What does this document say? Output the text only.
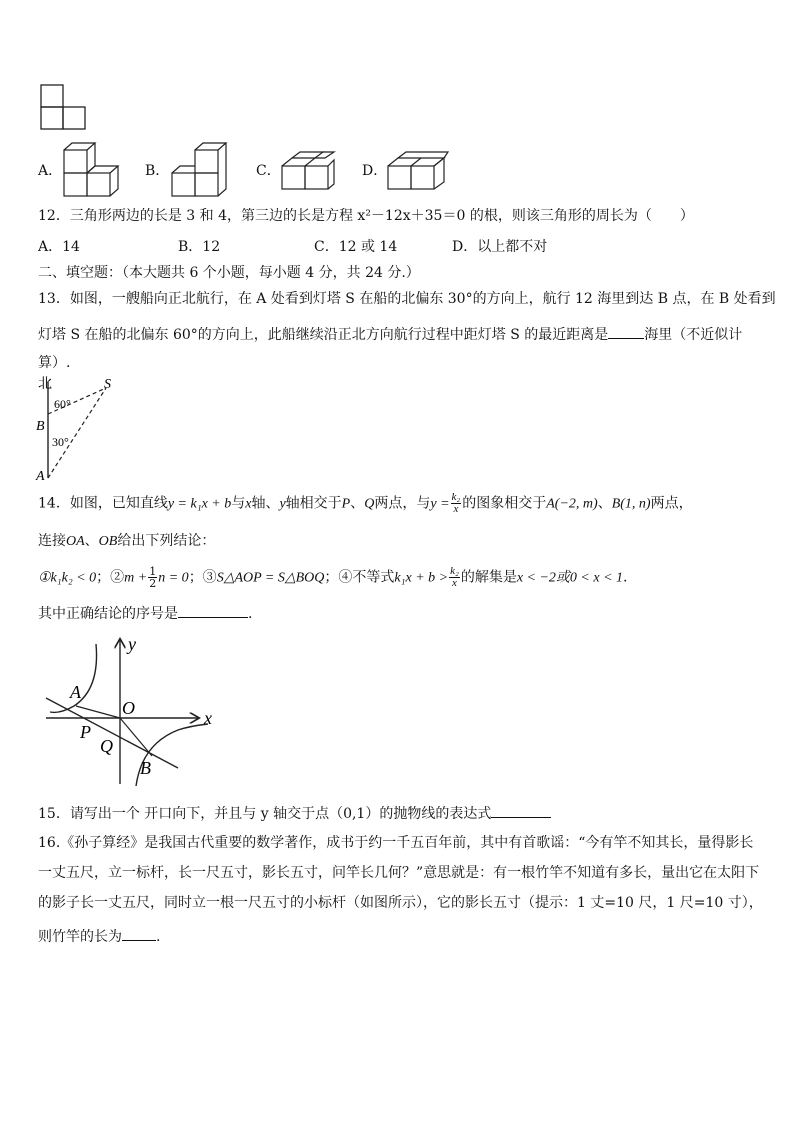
A．	B．	C．	D．
12．三角形两边的长是 3 和 4，第三边的长是方程 x²－12x＋35＝0 的根，则该三角形的周长为（　　）
A．14	B．12	C．12 或 14	D．以上都不对
二、填空题：（本大题共 6 个小题，每小题 4 分，共 24 分.）
13．如图，一艘船向正北航行，在 A 处看到灯塔 S 在船的北偏东 30°的方向上，航行 12 海里到达 B 点，在 B 处看到
灯塔 S 在船的北偏东 60°的方向上，此船继续沿正北方向航行过程中距灯塔 S 的最近距离是	海里（不近似计
算）.
北	S
60°
B
30°
A
14．如图，已知直线y = k₁x + b与x轴、y轴相交于P、Q两点，与$y = \frac{\text{k₂}}{x}$ 的图象相交于A(−2, m)、B(1, n)两点，
连接OA、OB给出下列结论：
①k₁k₂ < 0；②m + $\frac{1}{2}$ n = 0；③S△AOP = S△BOQ；④不等式$k_1x + b > \frac{\text{k₂}}{x}$ 的解集是x < −2或0 < x < 1.
其中正确结论的序号是	.
y
x
O
A
P
Q
B
15．请写出一个 开口向下，并且与 y 轴交于点（0,1）的抛物线的表达式
16.《孙子算经》是我国古代重要的数学著作，成书于约一千五百年前，其中有首歌谣：“今有竿不知其长，量得影长
一丈五尺，立一标杆，长一尺五寸，影长五寸，问竿长几何？”意思就是：有一根竹竿不知道有多长，量出它在太阳下
的影子长一丈五尺，同时立一根一尺五寸的小标杆（如图所示），它的影长五寸（提示：1 丈=10 尺，1 尺=10 寸），
则竹竿的长为 .
